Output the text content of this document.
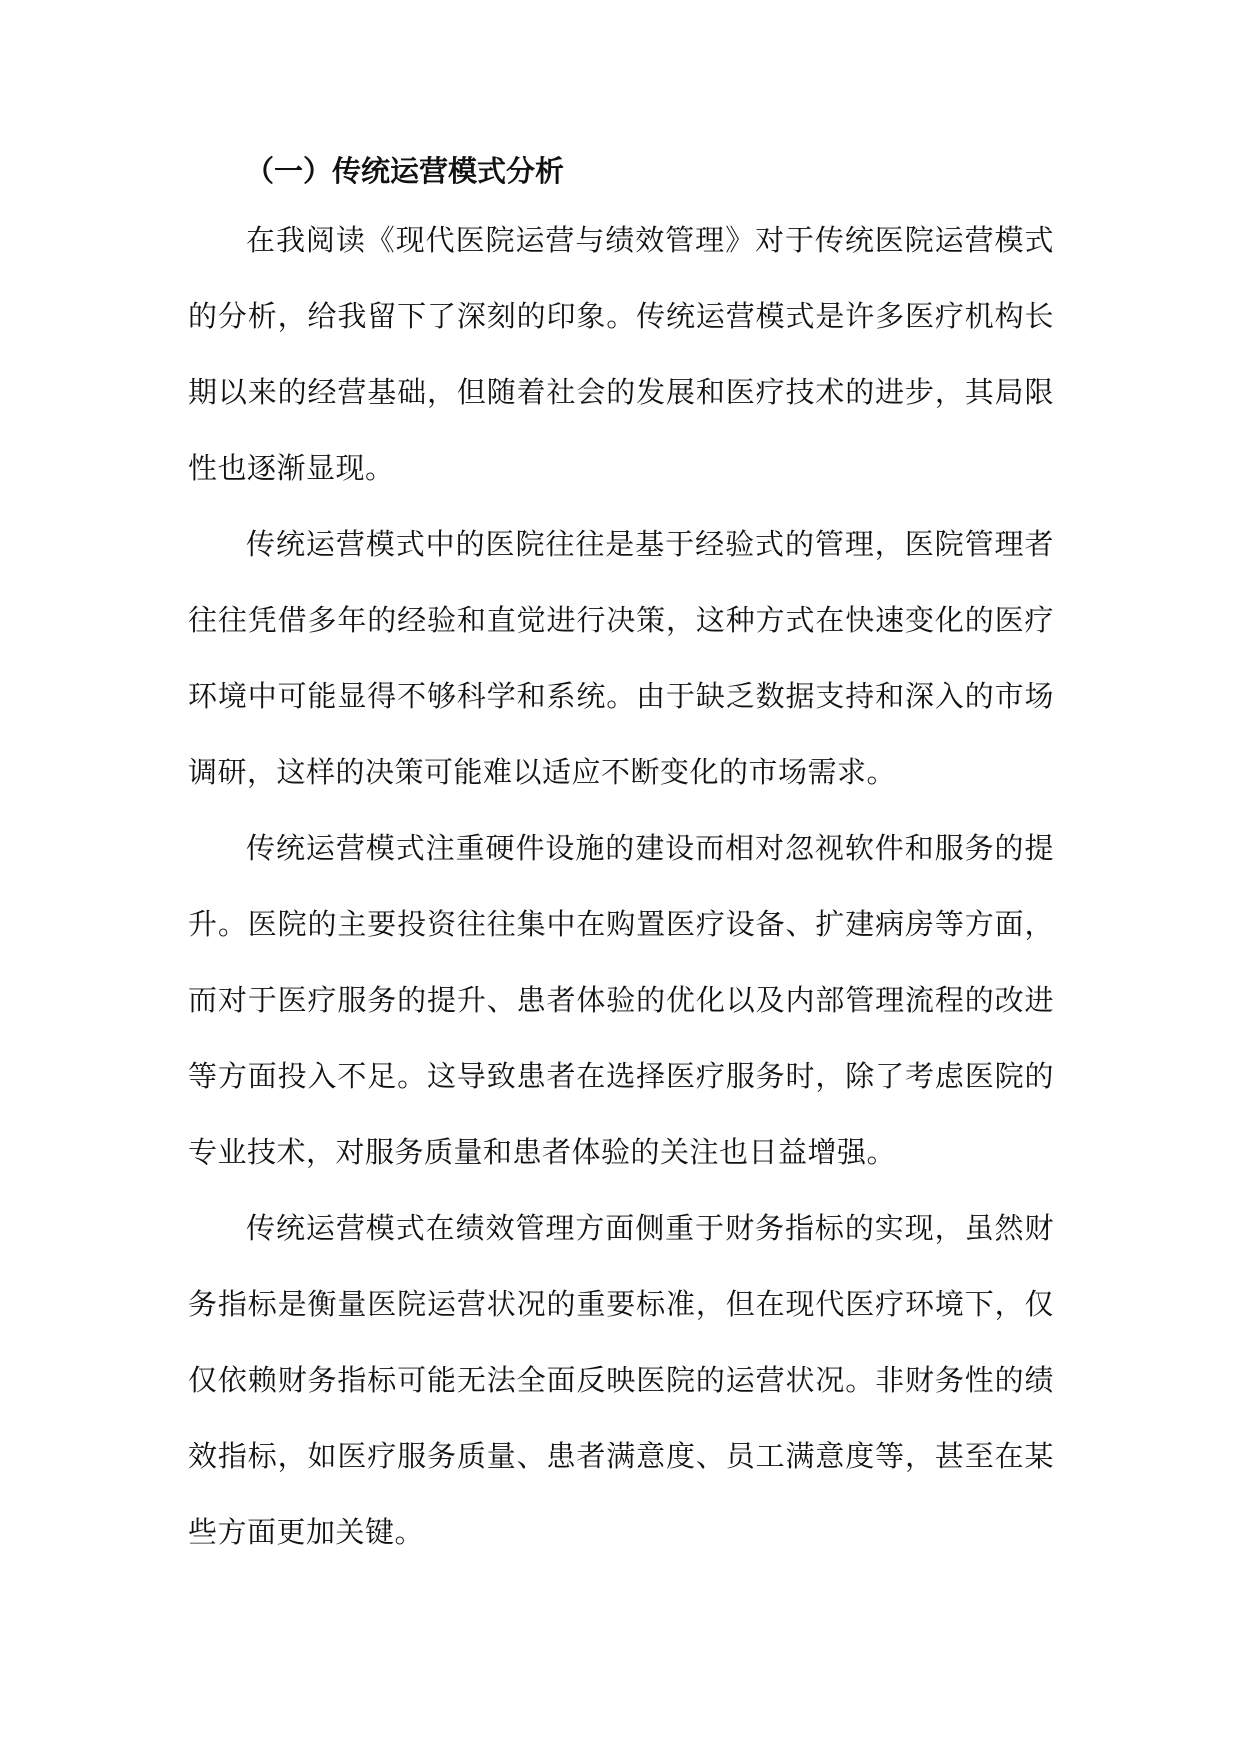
（一）传统运营模式分析

在我阅读《现代医院运营与绩效管理》对于传统医院运营模式的分析，给我留下了深刻的印象。传统运营模式是许多医疗机构长期以来的经营基础，但随着社会的发展和医疗技术的进步，其局限性也逐渐显现。

传统运营模式中的医院往往是基于经验式的管理，医院管理者往往凭借多年的经验和直觉进行决策，这种方式在快速变化的医疗环境中可能显得不够科学和系统。由于缺乏数据支持和深入的市场调研，这样的决策可能难以适应不断变化的市场需求。

传统运营模式注重硬件设施的建设而相对忽视软件和服务的提升。医院的主要投资往往集中在购置医疗设备、扩建病房等方面，而对于医疗服务的提升、患者体验的优化以及内部管理流程的改进等方面投入不足。这导致患者在选择医疗服务时，除了考虑医院的专业技术，对服务质量和患者体验的关注也日益增强。

传统运营模式在绩效管理方面侧重于财务指标的实现，虽然财务指标是衡量医院运营状况的重要标准，但在现代医疗环境下，仅仅依赖财务指标可能无法全面反映医院的运营状况。非财务性的绩效指标，如医疗服务质量、患者满意度、员工满意度等，甚至在某些方面更加关键。
